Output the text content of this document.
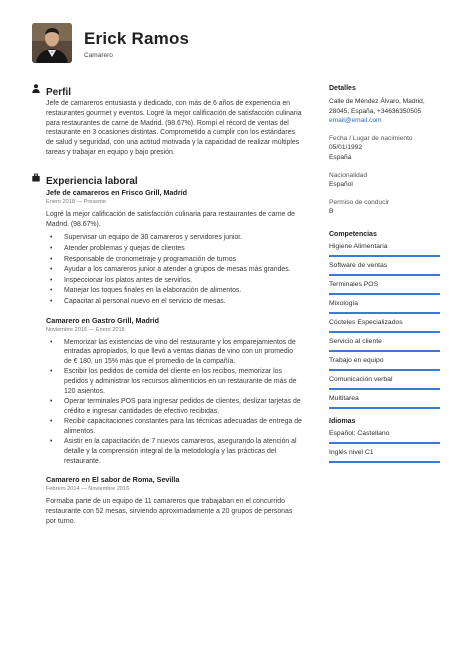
Erick Ramos
Camarero
Perfil
Jefe de camareros entusiasta y dedicado, con más de 6 años de experiencia en restaurantes gourmet y eventos. Logré la mejor calificación de satisfacción culinaria para restaurantes de carne de Madrid. (98.67%). Rompí el récord de ventas del restaurante en 3 ocasiones distintas. Comprometido a cumplir con los estándares de salud y seguridad, con una actitud motivada y la capacidad de realizar múltiples tareas y trabajar en equipo y bajo presión.
Experiencia laboral
Jefe de camareros en Frisco Grill, Madrid
Enero 2018 — Presente
Logré la mejor calificación de satisfacción culinaria para restaurantes de carne de Madrid. (98.67%).
• Supervisar un equipo de 30 camareros y servidores junior.
• Atender problemas y quejas de clientes
• Responsable de cronometraje y programación de turnos
• Ayudar a los camareros junior a atender a grupos de mesas más grandes.
• Inspeccionar los platos antes de servirlos.
• Manejar los toques finales en la elaboración de alimentos.
• Capacitar al personal nuevo en el servicio de mesas.
Camarero en Gastro Grill, Madrid
Noviembre 2016 — Enero 2018
• Memorizar las existencias de vino del restaurante y los emparejamientos de entradas apropiados, lo que llevó a ventas diarias de vino con un promedio de € 180, un 15% más que el promedio de la compañía.
• Escribir los pedidos de comida del cliente en los recibos, memorizar los pedidos y administrar los recursos alimenticios en un restaurante de más de 120 asientos.
• Operar terminales POS para ingresar pedidos de clientes, deslizar tarjetas de crédito e ingresar cantidades de efectivo recibidas.
• Recibir capacitaciones constantes para las técnicas adecuadas de entrega de alimentos.
• Asistir en la capacitación de 7 nuevos camareros, asegurando la atención al detalle y la comprensión integral de la metodología y las prácticas del restaurante.
Camarero en El sabor de Roma, Sevilla
Febrero 2014 — Noviembre 2016
Formaba parte de un equipo de 11 camareros que trabajaban en el concurrido restaurante con 52 mesas, sirviendo aproximadamente a 20 grupos de personas por turno.
Detalles
Calle de Méndez Álvaro, Madrid,
28045, España, +34636350505
email@email.com
Fecha / Lugar de nacimiento
05/01/1992
España
Nacionalidad
Español
Permiso de conducir
B
Competencias
Higiene Alimentaria
Software de ventas
Terminales POS
Mixología
Cócteles Especializados
Servicio al cliente
Trabajo en equipo
Comunicación verbal
Multitarea
Idiomas
Español; Castellano
Inglés nivel C1
